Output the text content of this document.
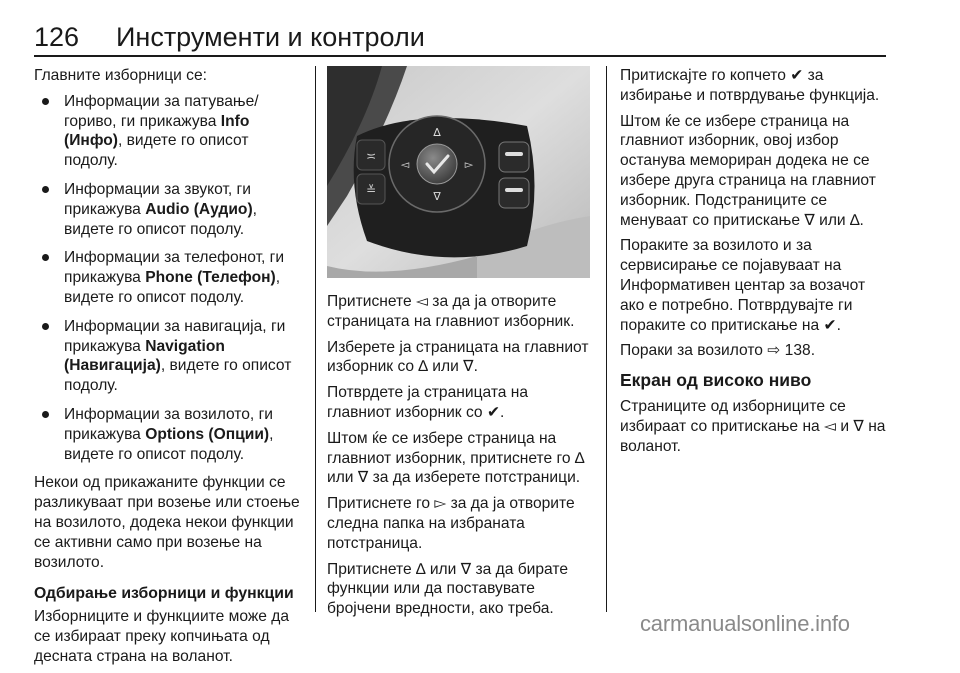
126 Инструменти и контроли

Главните изборници се:

Информации за патување/гориво, ги прикажува Info (Инфо), видете го описот подолу.
Информации за звукот, ги прикажува Audio (Аудио), видете го описот подолу.
Информации за телефонот, ги прикажува Phone (Телефон), видете го описот подолу.
Информации за навигација, ги прикажува Navigation (Навигација), видете го описот подолу.
Информации за возилото, ги прикажува Options (Опции), видете го описот подолу.

Некои од прикажаните функции се разликуваат при возење или стоење на возилото, додека некои функции се активни само при возење на возилото.

Одбирање изборници и функции

Изборниците и функциите може да се избираат преку копчињата од десната страна на воланот.

≍
≚
∆
∇
◅	▻

Притиснете ◅ за да ја отворите страницата на главниот изборник.

Изберете ја страницата на главниот изборник со ∆ или ∇.

Потврдете ја страницата на главниот изборник со ✔.

Штом ќе се избере страница на главниот изборник, притиснете го ∆ или ∇ за да изберете потстраници.

Притиснете го ▻ за да ја отворите следна папка на избраната потстраница.

Притиснете ∆ или ∇ за да бирате функции или да поставувате бројчени вредности, ако треба.

Притискајте го копчето ✔ за избирање и потврдување функција.

Штом ќе се избере страница на главниот изборник, овој избор останува мемориран додека не се избере друга страница на главниот изборник. Подстраниците се менуваат со притискање ∇ или ∆.

Пораките за возилото и за сервисирање се појавуваат на Информативен центар за возачот ако е потребно. Потврдувајте ги пораките со притискање на ✔.

Пораки за возилото ⇨ 138.

Екран од високо ниво

Страниците од изборниците се избираат со притискање на ◅ и ∇ на воланот.

carmanualsonline.info
